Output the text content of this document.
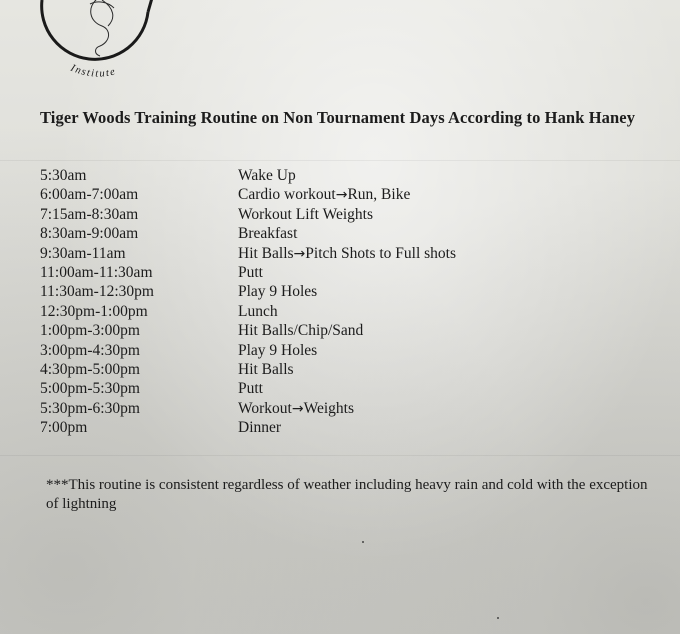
Institute
Tiger Woods Training Routine on Non Tournament Days According to Hank Haney
5:30am	Wake Up
6:00am-7:00am	Cardio workout→Run, Bike
7:15am-8:30am	Workout Lift Weights
8:30am-9:00am	Breakfast
9:30am-11am	Hit Balls→Pitch Shots to Full shots
11:00am-11:30am	Putt
11:30am-12:30pm	Play 9 Holes
12:30pm-1:00pm	Lunch
1:00pm-3:00pm	Hit Balls/Chip/Sand
3:00pm-4:30pm	Play 9 Holes
4:30pm-5:00pm	Hit Balls
5:00pm-5:30pm	Putt
5:30pm-6:30pm	Workout→Weights
7:00pm	Dinner
***This routine is consistent regardless of weather including heavy rain and cold with the exception of lightning
